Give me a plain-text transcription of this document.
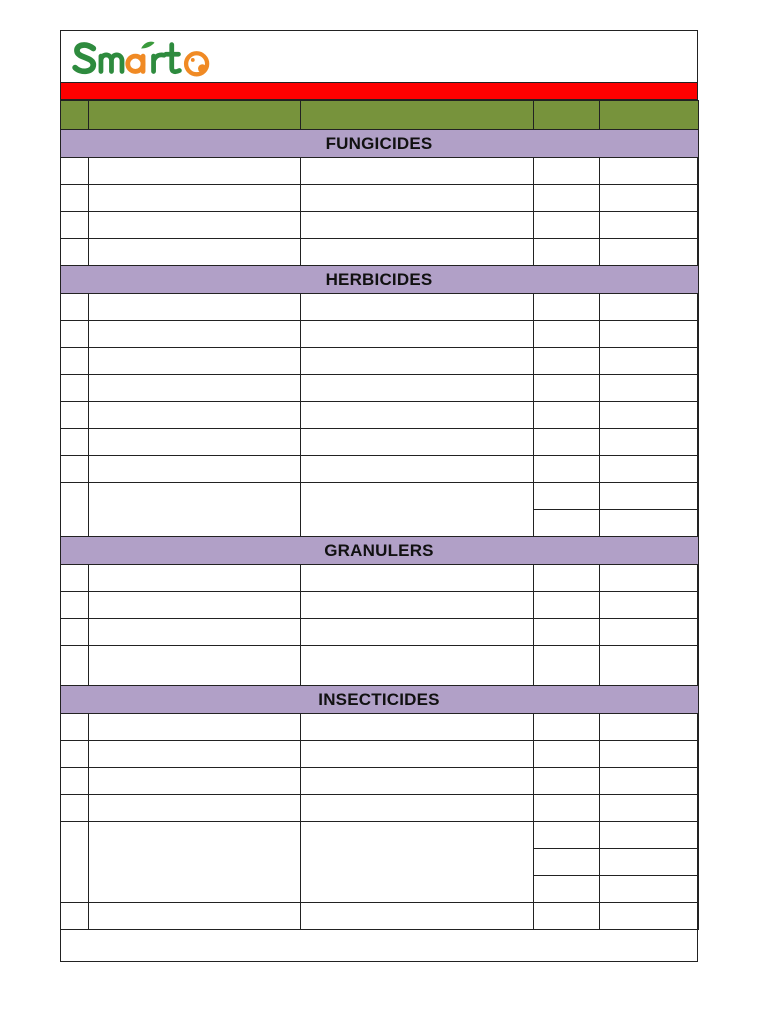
FUNGICIDES				

HERBICIDES				

GRANULERS				

INSECTICIDES				
